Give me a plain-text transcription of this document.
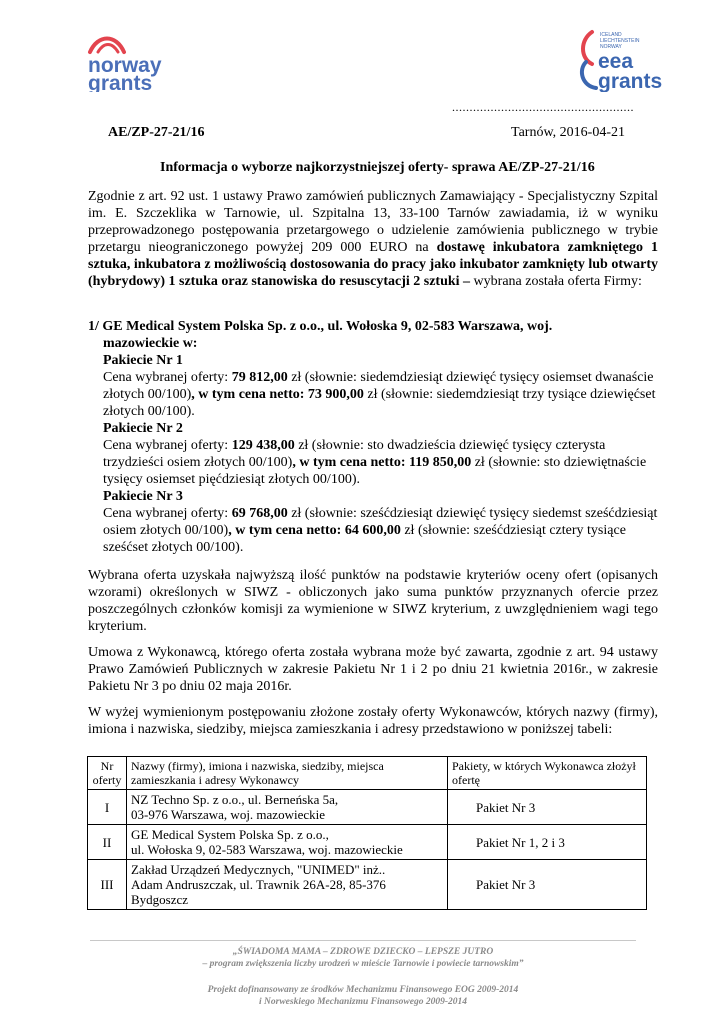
norway
grants
ICELAND
LIECHTENSTEIN
NORWAY
eea
grants
....................................................
AE/ZP-27-21/16	Tarnów, 2016-04-21
Informacja o wyborze najkorzystniejszej oferty- sprawa AE/ZP-27-21/16
Zgodnie z art. 92 ust. 1 ustawy Prawo zamówień publicznych Zamawiający - Specjalistyczny Szpital im. E. Szczeklika w Tarnowie, ul. Szpitalna 13, 33-100 Tarnów zawiadamia, iż w wyniku przeprowadzonego postępowania przetargowego o udzielenie zamówienia publicznego w trybie przetargu nieograniczonego powyżej 209 000 EURO na dostawę inkubatora zamkniętego 1 sztuka, inkubatora z możliwością dostosowania do pracy jako inkubator zamknięty lub otwarty (hybrydowy) 1 sztuka oraz stanowiska do resuscytacji 2 sztuki – wybrana została oferta Firmy:
1/ GE Medical System Polska Sp. z o.o., ul. Wołoska 9, 02-583 Warszawa, woj.
mazowieckie w:
Pakiecie Nr 1
Cena wybranej oferty: 79 812,00 zł (słownie: siedemdziesiąt dziewięć tysięcy osiemset dwanaście złotych 00/100), w tym cena netto: 73 900,00 zł (słownie: siedemdziesiąt trzy tysiące dziewięćset złotych 00/100).
Pakiecie Nr 2
Cena wybranej oferty: 129 438,00 zł (słownie: sto dwadzieścia dziewięć tysięcy czterysta trzydzieści osiem złotych 00/100), w tym cena netto: 119 850,00 zł (słownie: sto dziewiętnaście tysięcy osiemset pięćdziesiąt złotych 00/100).
Pakiecie Nr 3
Cena wybranej oferty: 69 768,00 zł (słownie: sześćdziesiąt dziewięć tysięcy siedemst sześćdziesiąt osiem złotych 00/100), w tym cena netto: 64 600,00 zł (słownie: sześćdziesiąt cztery tysiące sześćset złotych 00/100).
Wybrana oferta uzyskała najwyższą ilość punktów na podstawie kryteriów oceny ofert (opisanych wzorami) określonych w SIWZ - obliczonych jako suma punktów przyznanych ofercie przez poszczególnych członków komisji za wymienione w SIWZ kryterium, z uwzględnieniem wagi tego kryterium.
Umowa z Wykonawcą, którego oferta została wybrana może być zawarta, zgodnie z art. 94 ustawy Prawo Zamówień Publicznych w zakresie Pakietu Nr 1 i 2 po dniu 21 kwietnia 2016r., w zakresie Pakietu Nr 3 po dniu 02 maja 2016r.
W wyżej wymienionym postępowaniu złożone zostały oferty Wykonawców, których nazwy (firmy), imiona i nazwiska, siedziby, miejsca zamieszkania i adresy przedstawiono w poniższej tabeli:
Nr oferty	Nazwy (firmy), imiona i nazwiska, siedziby, miejsca zamieszkania i adresy Wykonawcy	Pakiety, w których Wykonawca złożył ofertę
I	NZ Techno Sp. z o.o., ul. Berneńska 5a,
03-976 Warszawa, woj. mazowieckie	Pakiet Nr 3
II	GE Medical System Polska Sp. z o.o.,
ul. Wołoska 9, 02-583 Warszawa, woj. mazowieckie	Pakiet Nr 1, 2 i 3
III	Zakład Urządzeń Medycznych, "UNIMED" inż..
Adam Andruszczak, ul. Trawnik 26A-28, 85-376
Bydgoszcz	Pakiet Nr 3
„ŚWIADOMA MAMA – ZDROWE DZIECKO – LEPSZE JUTRO
– program zwiększenia liczby urodzeń w mieście Tarnowie i powiecie tarnowskim”
Projekt dofinansowany ze środków Mechanizmu Finansowego EOG 2009-2014
i Norweskiego Mechanizmu Finansowego 2009-2014
